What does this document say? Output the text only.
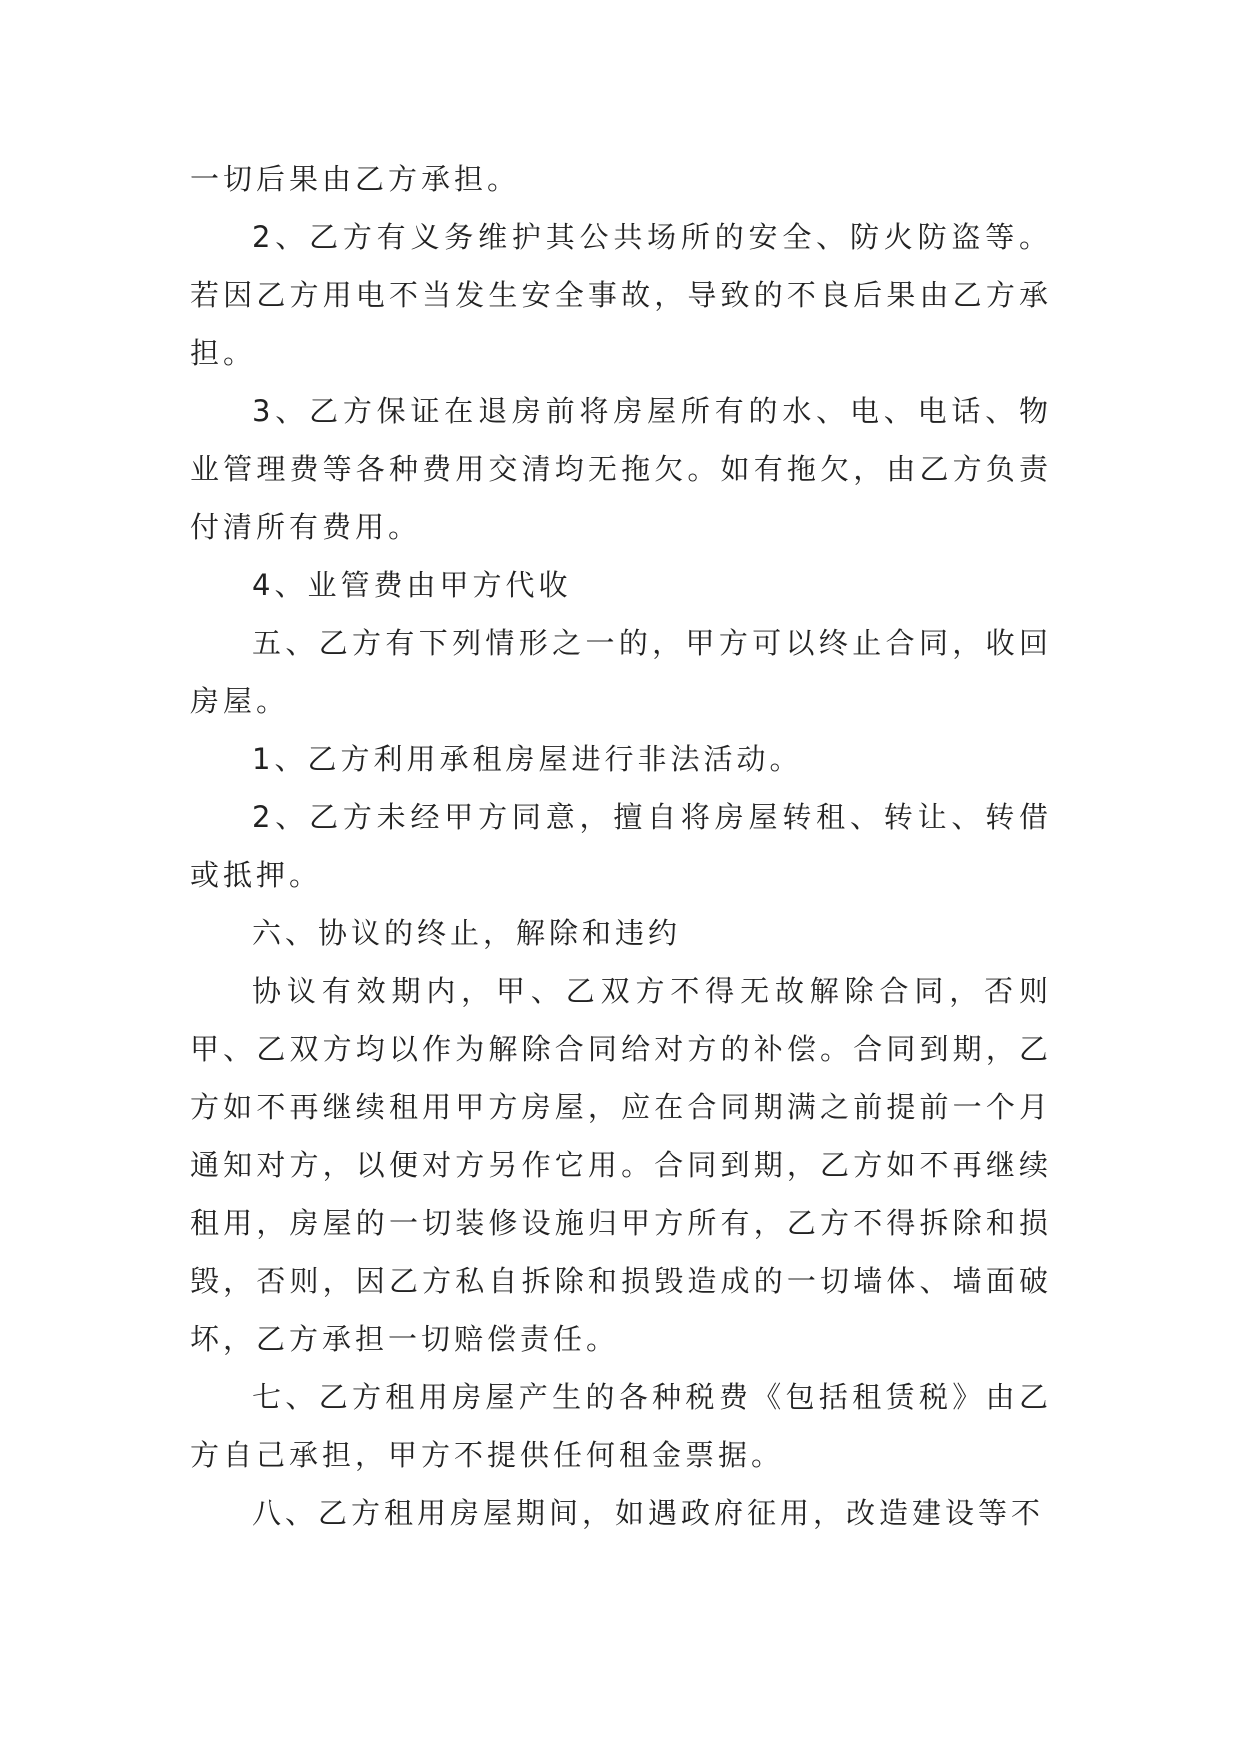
一切后果由乙方承担。

2、乙方有义务维护其公共场所的安全、防火防盗等。若因乙方用电不当发生安全事故，导致的不良后果由乙方承担。

3、乙方保证在退房前将房屋所有的水、电、电话、物业管理费等各种费用交清均无拖欠。如有拖欠，由乙方负责付清所有费用。

4、业管费由甲方代收

五、乙方有下列情形之一的，甲方可以终止合同，收回房屋。

1、乙方利用承租房屋进行非法活动。

2、乙方未经甲方同意，擅自将房屋转租、转让、转借或抵押。

六、协议的终止，解除和违约

协议有效期内，甲、乙双方不得无故解除合同，否则甲、乙双方均以作为解除合同给对方的补偿。合同到期，乙方如不再继续租用甲方房屋，应在合同期满之前提前一个月通知对方，以便对方另作它用。合同到期，乙方如不再继续租用，房屋的一切装修设施归甲方所有，乙方不得拆除和损毁，否则，因乙方私自拆除和损毁造成的一切墙体、墙面破坏，乙方承担一切赔偿责任。

七、乙方租用房屋产生的各种税费《包括租赁税》由乙方自己承担，甲方不提供任何租金票据。

八、乙方租用房屋期间，如遇政府征用，改造建设等不
